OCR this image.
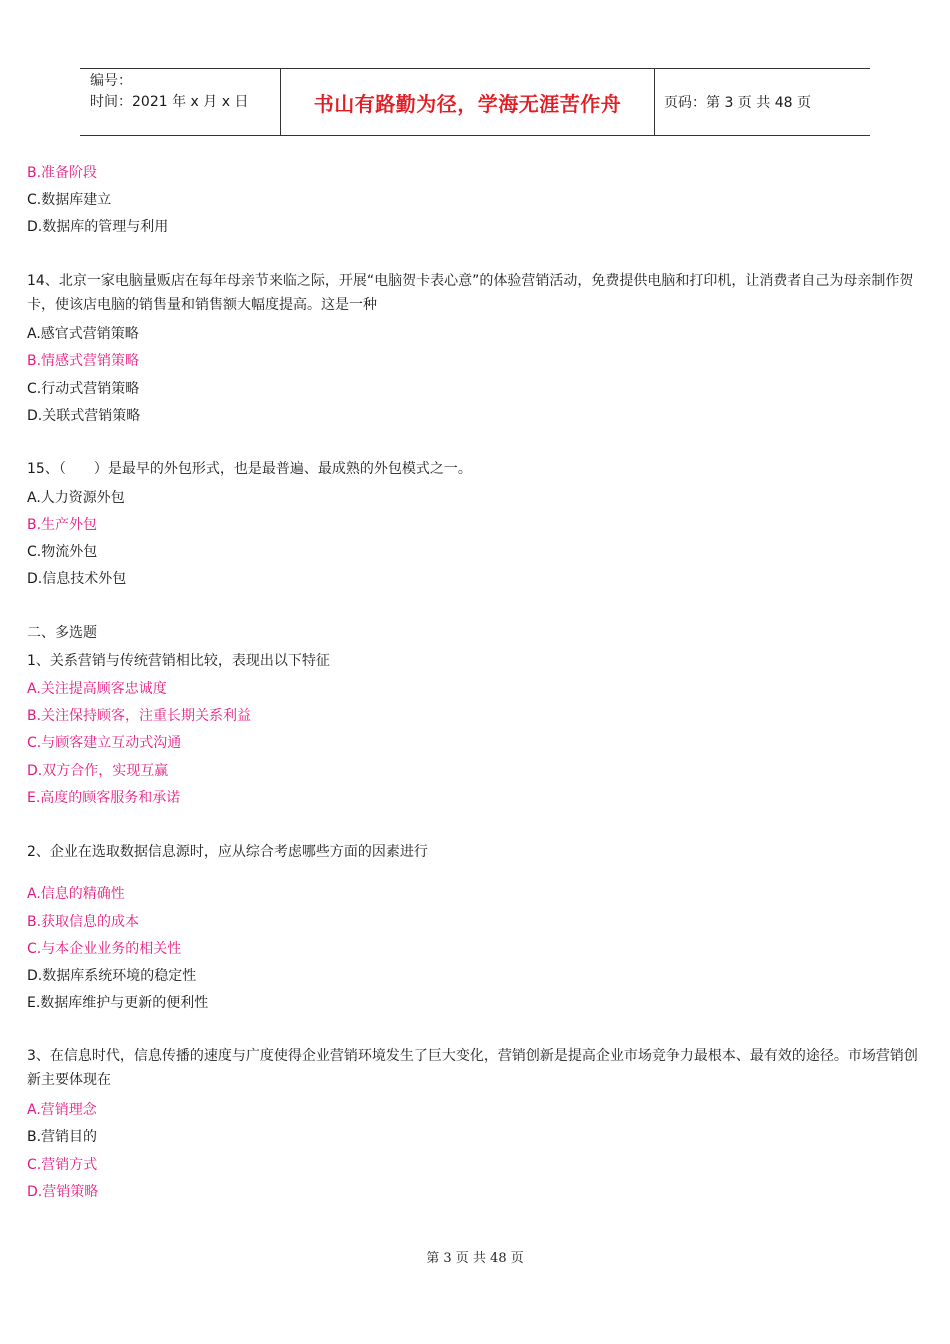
编号：
时间：2021 年 x 月 x 日	书山有路勤为径，学海无涯苦作舟	页码：第 3 页 共 48 页
B.准备阶段
C.数据库建立
D.数据库的管理与利用
14、北京一家电脑量贩店在每年母亲节来临之际，开展“电脑贺卡表心意”的体验营销活动，免费提供电脑和打印机，让消费者自己为母亲制作贺卡，使该店电脑的销售量和销售额大幅度提高。这是一种
A.感官式营销策略
B.情感式营销策略
C.行动式营销策略
D.关联式营销策略
15、（　　）是最早的外包形式，也是最普遍、最成熟的外包模式之一。
A.人力资源外包
B.生产外包
C.物流外包
D.信息技术外包
二、多选题
1、关系营销与传统营销相比较，表现出以下特征
A.关注提高顾客忠诚度
B.关注保持顾客，注重长期关系利益
C.与顾客建立互动式沟通
D.双方合作，实现互赢
E.高度的顾客服务和承诺
2、企业在选取数据信息源时，应从综合考虑哪些方面的因素进行
A.信息的精确性
B.获取信息的成本
C.与本企业业务的相关性
D.数据库系统环境的稳定性
E.数据库维护与更新的便利性
3、在信息时代，信息传播的速度与广度使得企业营销环境发生了巨大变化，营销创新是提高企业市场竞争力最根本、最有效的途径。市场营销创新主要体现在
A.营销理念
B.营销目的
C.营销方式
D.营销策略
第 3 页 共 48 页
